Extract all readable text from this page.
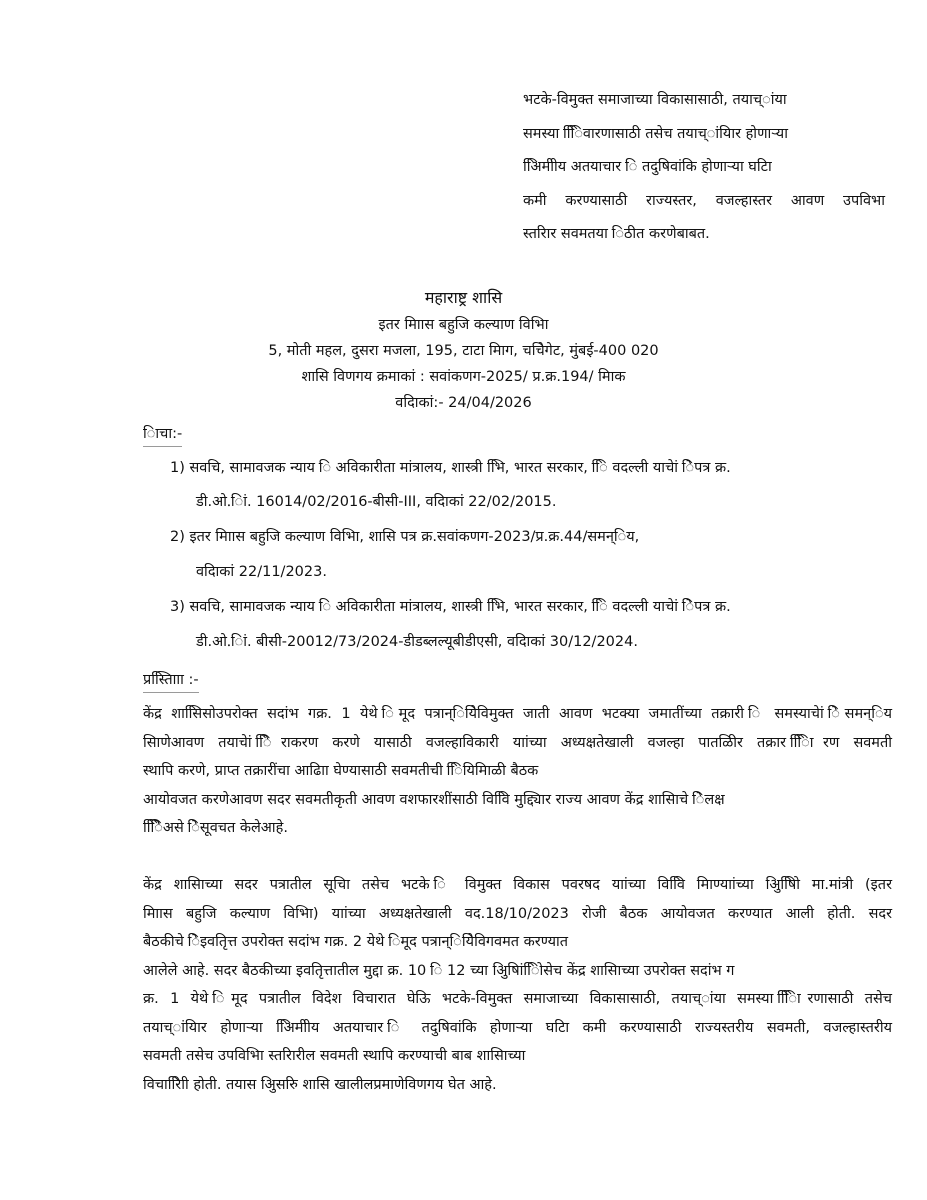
भटके-विमुक्त समाजाच्या विकासासाठी, तयाच्ांया
समस्या िििवारणासाठी तसेच तयाच्ांयािर होणाऱ्या
अििमीीय अतयाचार ि तदुषिवांकि होणाऱ्या घटिा
कमी करण्यासाठी राज्यस्तर, वजल्हास्तर आवण उपविभा
स्तरािर सवमतया िठीत करणेबाबत.
महाराष्ट्र शासि
इतर मिाास बहुजि कल्याण विभाि
5, मोती महल, दुसरा मजला, 195, टाटा मािग, चचेिगेट, मुंबई-400 020
शासि विणगय क्रमाकां : सवांकणग-2025/ प्र.क्र.194/ मिाक
वदिाकां:- 24/04/2026
िाचा:-
1) सवचि, सामावजक न्याय ि अविकारीता मांत्रालय, शास्त्री भिि, भारत सरकार, िि वदल्ली याचेां िेपत्र क्र.
डी.ओ.िां. 16014/02/2016-बीसी-III, वदिाकां 22/02/2015.
2) इतर मिाास बहुजि कल्याण विभाि, शासि पत्र क्र.सवांकणग-2023/प्र.क्र.44/समन्िय,
वदिाकां 22/11/2023.
3) सवचि, सामावजक न्याय ि अविकारीता मांत्रालय, शास्त्री भिि, भारत सरकार, िि वदल्ली याचेां िेपत्र क्र.
डी.ओ.िां. बीसी-20012/73/2024-डीडब्लल्यूबीडीएसी, वदिाकां 30/12/2024.
प्रस्तािािा :-
केंद्र शासििसोउपरोक्त सदांभ गक्र. 1 येथे िमूद पत्रान्ियेिविमुक्त जाती आवण भटक्या जमातींच्या तक्रारी ि समस्याचेां िेसमन्िय
सािणेआवण तयाचेां िेिराकरण करणे यासाठी वजल्हाविकारी याांच्या अध्यक्षतेखाली वजल्हा पातळीिर तक्रार िििारण सवमती
स्थापि करणे, प्राप्त तक्रारींचा आढािा घेण्यासाठी सवमतीची िियिमिाळी बैठक
आयोवजत करणेआवण सदर सवमतीकृती आवण वशफारशींसाठी विविि मुद्द्यािर राज्य आवण केंद्र शासिाचे िेलक्ष
ििेिेअसे िेसूवचत केलेआहे.
केंद्र शासिाच्या सदर पत्रातील सूचिा तसेच भटके ि विमुक्त विकास पवरषद याांच्या विविि मािण्याांच्या अिुषिािे मा.मांत्री (इतर
मिाास बहुजि कल्याण विभाि) याांच्या अध्यक्षतेखाली वद.18/10/2023 रोजी बैठक आयोवजत करण्यात आली होती. सदर
बैठकीचे िेइवतिृत्त उपरोक्त सदांभ गक्र. 2 येथे िमूद पत्रान्ियेिविगवमत करण्यात
आलेले आहे. सदर बैठकीच्या इवतिृत्तातील मुद्दा क्र. 10 ि 12 च्या अिुषिांिािेसेच केंद्र शासिाच्या उपरोक्त सदांभ ग
क्र. 1 येथे िमूद पत्रातील विदेश विचारात घेऊि भटके-विमुक्त समाजाच्या विकासासाठी, तयाच्ांया समस्या िििारणासाठी तसेच
तयाच्ांयािर होणाऱ्या अििमीीय अतयाचार ि तदुषिवांकि होणाऱ्या घटिा कमी करण्यासाठी राज्यस्तरीय सवमती, वजल्हास्तरीय
सवमती तसेच उपविभाि स्तरािरील सवमती स्थापि करण्याची बाब शासिाच्या
विचारािीि होती. तयास अिुसरुि शासि खालीलप्रमाणेविणगय घेत आहे.
